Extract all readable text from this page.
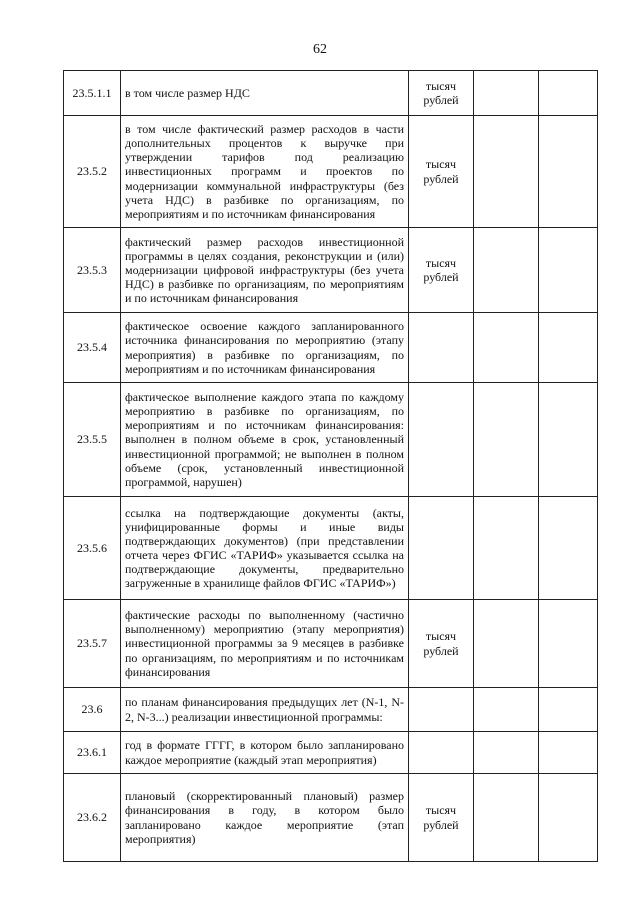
62
23.5.1.1	в том числе размер НДС	тысяч рублей		
23.5.2	в том числе фактический размер расходов в части дополнительных процентов к выручке при утверждении тарифов под реализацию инвестиционных программ и проектов по модернизации коммунальной инфраструктуры (без учета НДС) в разбивке по организациям, по мероприятиям и по источникам финансирования	тысяч рублей		
23.5.3	фактический размер расходов инвестиционной программы в целях создания, реконструкции и (или) модернизации цифровой инфраструктуры (без учета НДС) в разбивке по организациям, по мероприятиям и по источникам финансирования	тысяч рублей		
23.5.4	фактическое освоение каждого запланированного источника финансирования по мероприятию (этапу мероприятия) в разбивке по организациям, по мероприятиям и по источникам финансирования			
23.5.5	фактическое выполнение каждого этапа по каждому мероприятию в разбивке по организациям, по мероприятиям и по источникам финансирования: выполнен в полном объеме в срок, установленный инвестиционной программой; не выполнен в полном объеме (срок, установленный инвестиционной программой, нарушен)			
23.5.6	ссылка на подтверждающие документы (акты, унифицированные формы и иные виды подтверждающих документов) (при представлении отчета через ФГИС «ТАРИФ» указывается ссылка на подтверждающие документы, предварительно загруженные в хранилище файлов ФГИС «ТАРИФ»)			
23.5.7	фактические расходы по выполненному (частично выполненному) мероприятию (этапу мероприятия) инвестиционной программы за 9 месяцев в разбивке по организациям, по мероприятиям и по источникам финансирования	тысяч рублей		
23.6	по планам финансирования предыдущих лет (N-1, N-2, N-3...) реализации инвестиционной программы:			
23.6.1	год в формате ГГГГ, в котором было запланировано каждое мероприятие (каждый этап мероприятия)			
23.6.2	плановый (скорректированный плановый) размер финансирования в году, в котором было запланировано каждое мероприятие (этап мероприятия)	тысяч рублей		
